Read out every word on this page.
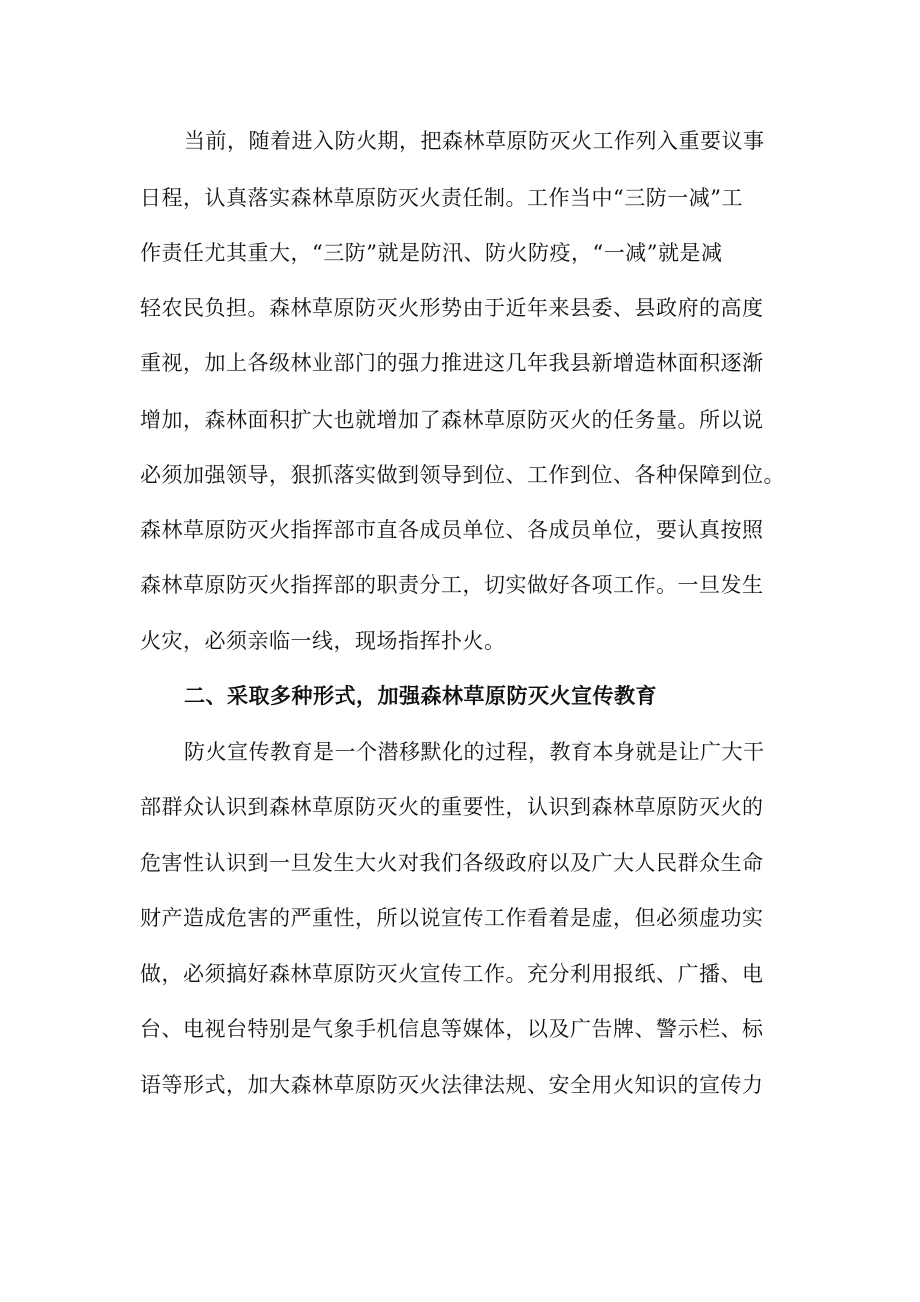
当前，随着进入防火期，把森林草原防灭火工作列入重要议事
日程，认真落实森林草原防灭火责任制。工作当中“三防一减”工
作责任尤其重大，“三防”就是防汛、防火防疫，“一减”就是减
轻农民负担。森林草原防灭火形势由于近年来县委、县政府的高度
重视，加上各级林业部门的强力推进这几年我县新增造林面积逐渐
增加，森林面积扩大也就增加了森林草原防灭火的任务量。所以说
必须加强领导，狠抓落实做到领导到位、工作到位、各种保障到位。
森林草原防灭火指挥部市直各成员单位、各成员单位，要认真按照
森林草原防灭火指挥部的职责分工，切实做好各项工作。一旦发生
火灾，必须亲临一线，现场指挥扑火。
二、采取多种形式，加强森林草原防灭火宣传教育
防火宣传教育是一个潜移默化的过程，教育本身就是让广大干
部群众认识到森林草原防灭火的重要性，认识到森林草原防灭火的
危害性认识到一旦发生大火对我们各级政府以及广大人民群众生命
财产造成危害的严重性，所以说宣传工作看着是虚，但必须虚功实
做，必须搞好森林草原防灭火宣传工作。充分利用报纸、广播、电
台、电视台特别是气象手机信息等媒体，以及广告牌、警示栏、标
语等形式，加大森林草原防灭火法律法规、安全用火知识的宣传力
